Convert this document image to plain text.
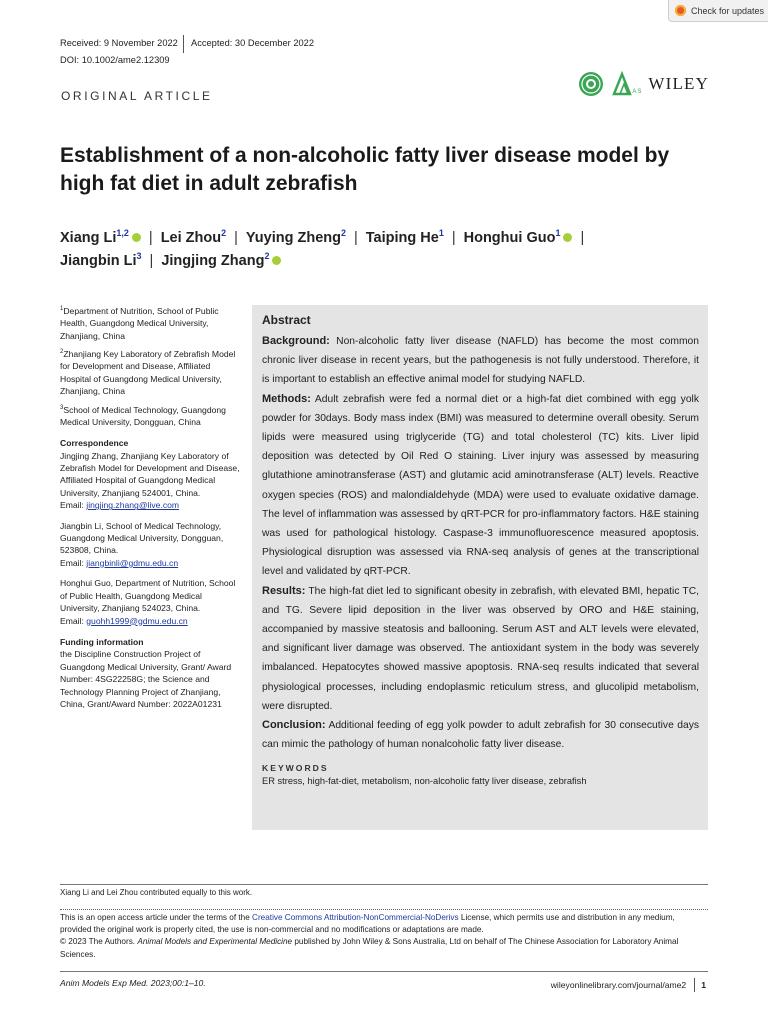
Check for updates
Received: 9 November 2022 Accepted: 30 December 2022
DOI: 10.1002/ame2.12309
ORIGINAL ARTICLE	LAS WILEY
Establishment of a non-alcoholic fatty liver disease model by high fat diet in adult zebrafish
Xiang Li$^{1,2}$ | Lei Zhou$^2$ | Yuying Zheng$^2$ | Taiping He$^1$ | Honghui Guo$^1$ |
Jiangbin Li$^3$ | Jingjing Zhang$^2$

$^1$Department of Nutrition, School of Public Health, Guangdong Medical University, Zhanjiang, China

$^2$Zhanjiang Key Laboratory of Zebrafish Model for Development and Disease, Affiliated Hospital of Guangdong Medical University, Zhanjiang, China

$^3$School of Medical Technology, Guangdong Medical University, Dongguan, China

Correspondence

Jingjing Zhang, Zhanjiang Key Laboratory of Zebrafish Model for Development and Disease, Affiliated Hospital of Guangdong Medical University, Zhanjiang 524001, China.
Email: jingjing.zhang@live.com

Jiangbin Li, School of Medical Technology, Guangdong Medical University, Dongguan, 523808, China.
Email: jiangbinli@gdmu.edu.cn

Honghui Guo, Department of Nutrition, School of Public Health, Guangdong Medical University, Zhanjiang 524023, China.
Email: guohh1999@gdmu.edu.cn

Funding information

the Discipline Construction Project of Guangdong Medical University, Grant/ Award Number: 4SG22258G; the Science and Technology Planning Project of Zhanjiang, China, Grant/Award Number: 2022A01231

Abstract

Background: Non-alcoholic fatty liver disease (NAFLD) has become the most common chronic liver disease in recent years, but the pathogenesis is not fully understood. Therefore, it is important to establish an effective animal model for studying NAFLD.

Methods: Adult zebrafish were fed a normal diet or a high-fat diet combined with egg yolk powder for 30days. Body mass index (BMI) was measured to determine overall obesity. Serum lipids were measured using triglyceride (TG) and total cholesterol (TC) kits. Liver lipid deposition was detected by Oil Red O staining. Liver injury was assessed by measuring glutathione aminotransferase (AST) and glutamic acid aminotransferase (ALT) levels. Reactive oxygen species (ROS) and malondialdehyde (MDA) were used to evaluate oxidative damage. The level of inflammation was assessed by qRT-PCR for pro-inflammatory factors. H&E staining was used for pathological histology. Caspase-3 immunofluorescence measured apoptosis. Physiological disruption was assessed via RNA-seq analysis of genes at the transcriptional level and validated by qRT-PCR.

Results: The high-fat diet led to significant obesity in zebrafish, with elevated BMI, hepatic TC, and TG. Severe lipid deposition in the liver was observed by ORO and H&E staining, accompanied by massive steatosis and ballooning. Serum AST and ALT levels were elevated, and significant liver damage was observed. The antioxidant system in the body was severely imbalanced. Hepatocytes showed massive apoptosis. RNA-seq results indicated that several physiological processes, including endoplasmic reticulum stress, and glucolipid metabolism, were disrupted.

Conclusion: Additional feeding of egg yolk powder to adult zebrafish for 30 consecutive days can mimic the pathology of human nonalcoholic fatty liver disease.

KEYWORDS
ER stress, high-fat-diet, metabolism, non-alcoholic fatty liver disease, zebrafish
Xiang Li and Lei Zhou contributed equally to this work.
This is an open access article under the terms of the Creative Commons Attribution-NonCommercial-NoDerivs License, which permits use and distribution in any medium, provided the original work is properly cited, the use is non-commercial and no modifications or adaptations are made.
© 2023 The Authors. Animal Models and Experimental Medicine published by John Wiley & Sons Australia, Ltd on behalf of The Chinese Association for Laboratory Animal Sciences.
Anim Models Exp Med. 2023;00:1–10.	wileyonlinelibrary.com/journal/ame2 1
